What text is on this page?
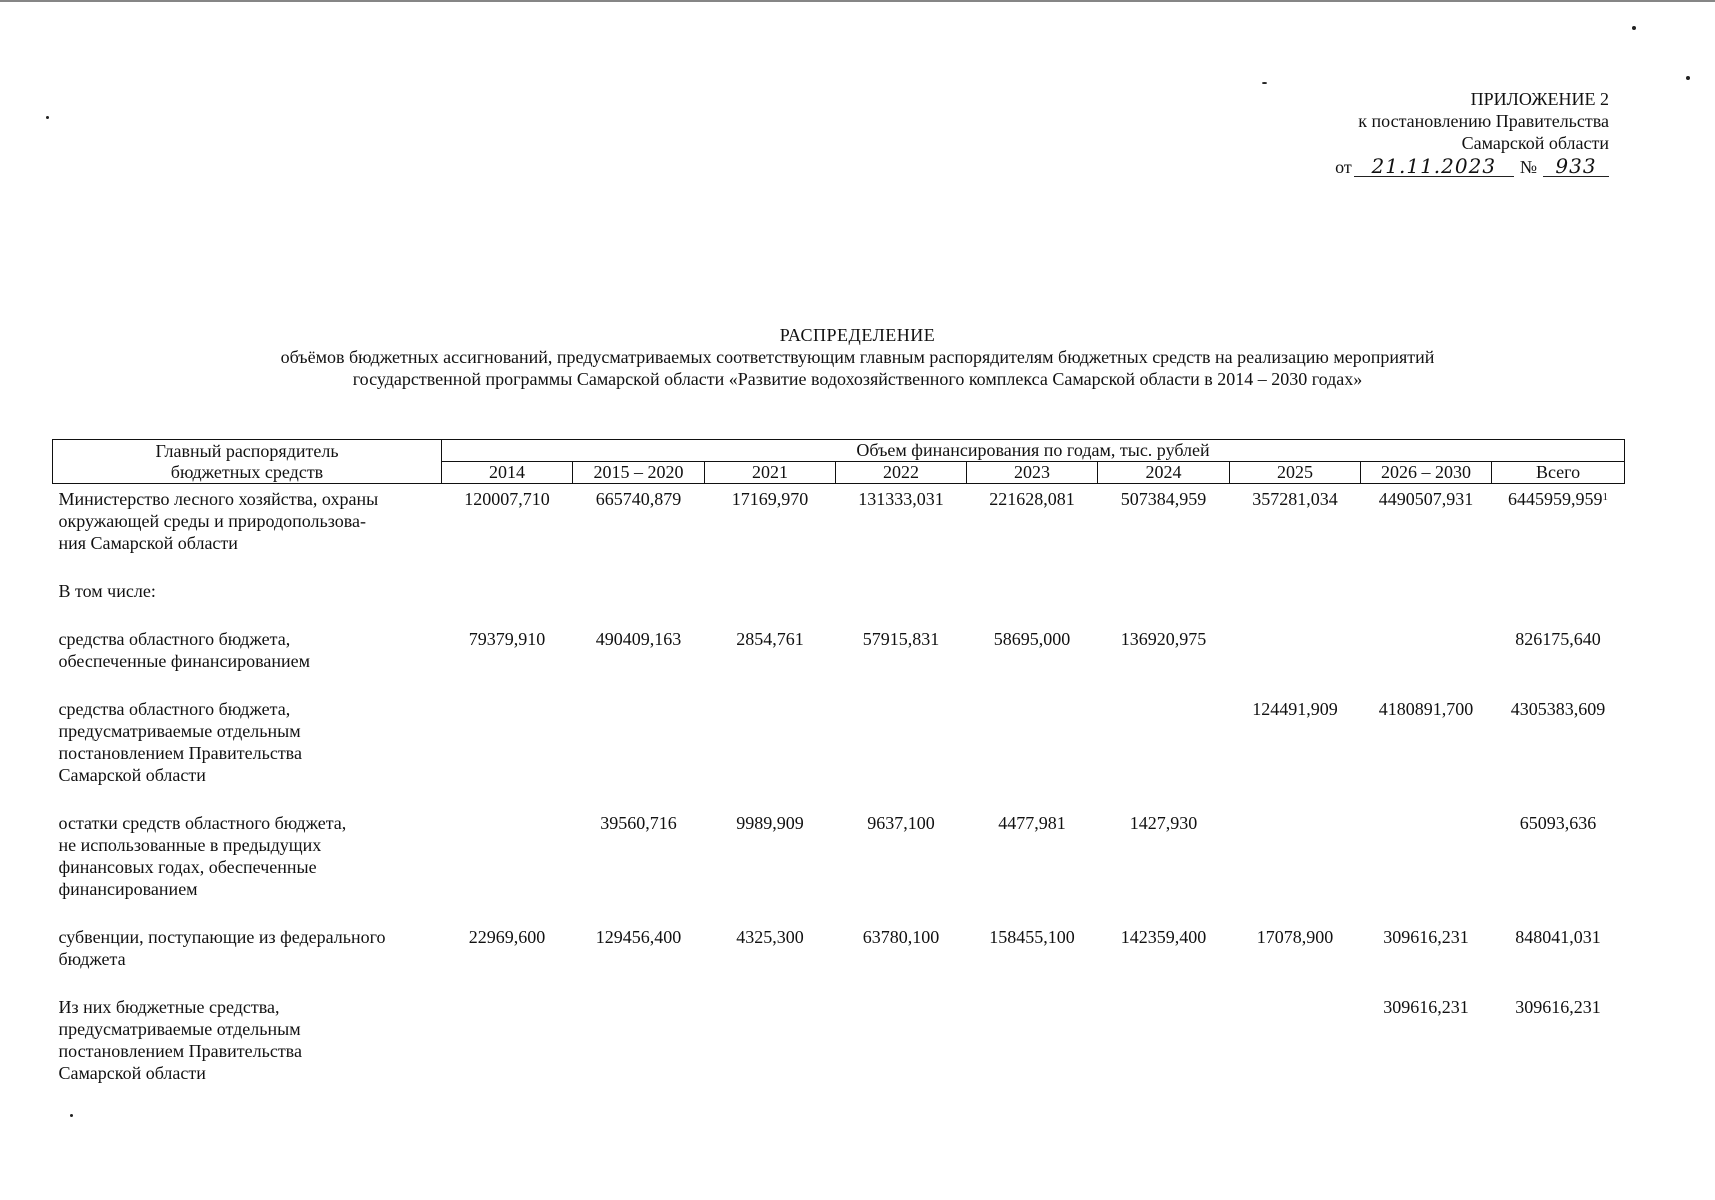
ПРИЛОЖЕНИЕ 2
к постановлению Правительства
Самарской области
от 21.11.2023 № 933
РАСПРЕДЕЛЕНИЕ
объёмов бюджетных ассигнований, предусматриваемых соответствующим главным распорядителям бюджетных средств на реализацию мероприятий
государственной программы Самарской области «Развитие водохозяйственного комплекса Самарской области в 2014 – 2030 годах»
Главный распорядитель
бюджетных средств	Объем финансирования по годам, тыс. рублей								
	2014	2015 – 2020	2021	2022	2023	2024	2025	2026 – 2030	Всего

Министерство лесного хозяйства, охраны
окружающей среды и природопользова-
ния Самарской области	120007,710	665740,879	17169,970	131333,031	221628,081	507384,959	357281,034	4490507,931	6445959,959$^1$

В том числе:									

средства областного бюджета,
обеспеченные финансированием	79379,910	490409,163	2854,761	57915,831	58695,000	136920,975			826175,640

средства областного бюджета,
предусматриваемые отдельным
постановлением Правительства
Самарской области							124491,909	4180891,700	4305383,609

остатки средств областного бюджета,
не использованные в предыдущих
финансовых годах, обеспеченные
финансированием		39560,716	9989,909	9637,100	4477,981	1427,930			65093,636

субвенции, поступающие из федерального
бюджета	22969,600	129456,400	4325,300	63780,100	158455,100	142359,400	17078,900	309616,231	848041,031

Из них бюджетные средства,
предусматриваемые отдельным
постановлением Правительства
Самарской области								309616,231	309616,231
